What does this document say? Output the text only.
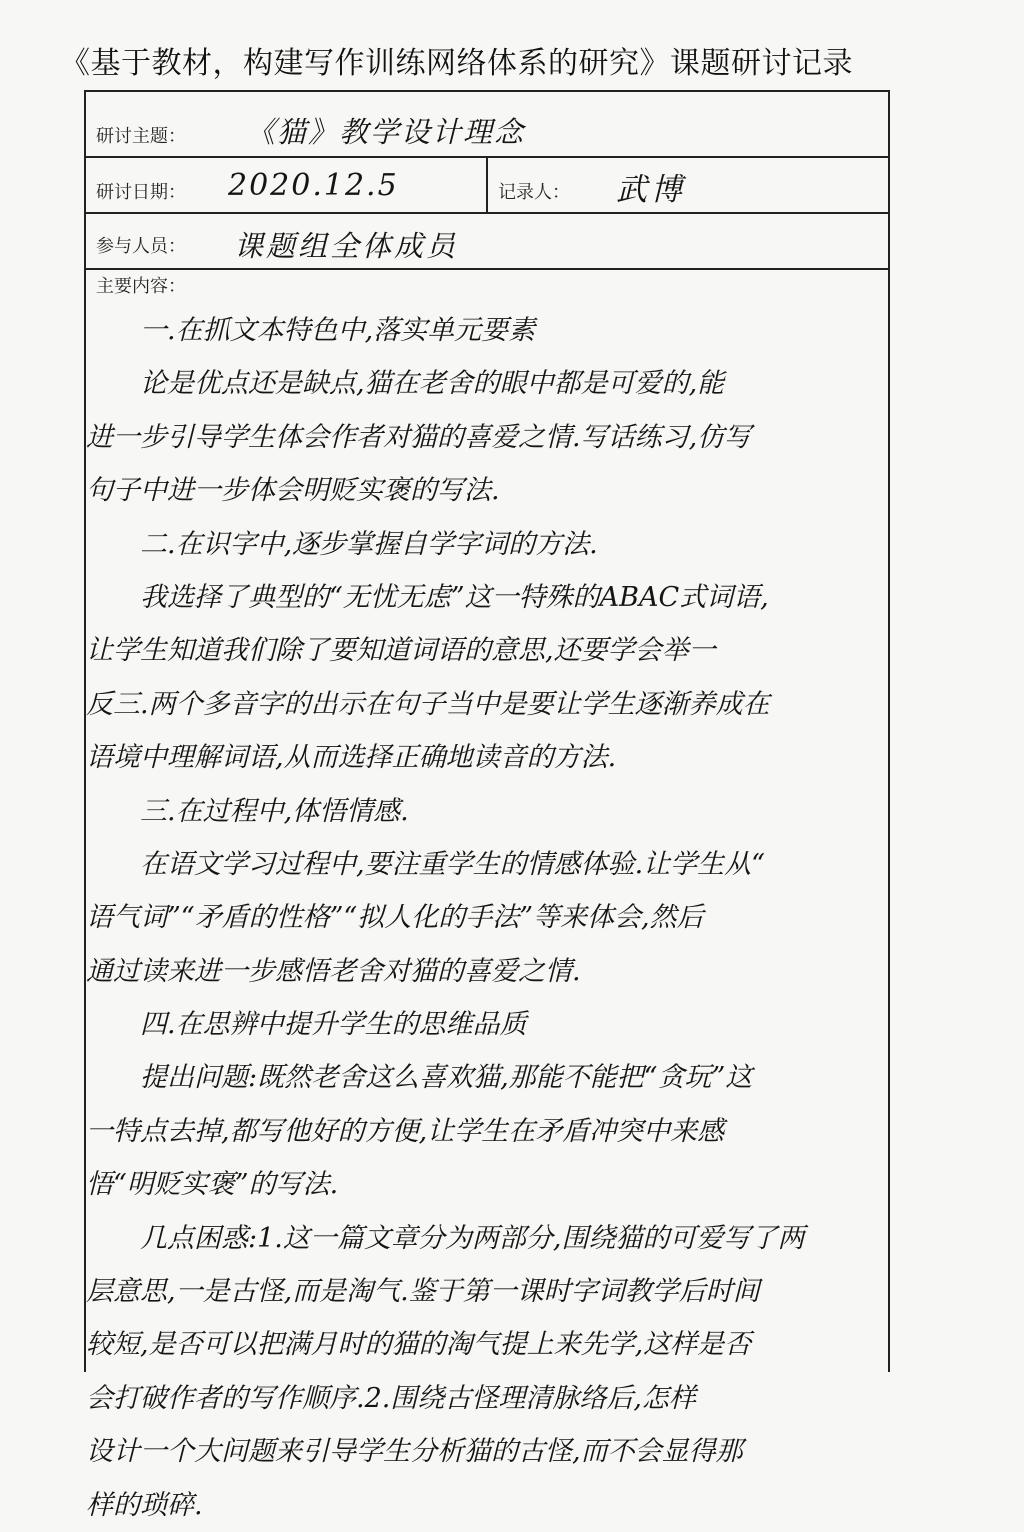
《基于教材，构建写作训练网络体系的研究》课题研讨记录
研讨主题： 《猫》教学设计理念
研讨日期： 2020.12.5	记录人： 武博
参与人员： 课题组全体成员
主要内容：
　　一.在抓文本特色中,落实单元要素
　　论是优点还是缺点,猫在老舍的眼中都是可爱的,能
进一步引导学生体会作者对猫的喜爱之情.写话练习,仿写
句子中进一步体会明贬实褒的写法.
　　二.在识字中,逐步掌握自学字词的方法.
　　我选择了典型的“无忧无虑”这一特殊的ABAC式词语,
让学生知道我们除了要知道词语的意思,还要学会举一
反三.两个多音字的出示在句子当中是要让学生逐渐养成在
语境中理解词语,从而选择正确地读音的方法.
　　三.在过程中,体悟情感.
　　在语文学习过程中,要注重学生的情感体验.让学生从“
语气词”“矛盾的性格”“拟人化的手法”等来体会,然后
通过读来进一步感悟老舍对猫的喜爱之情.
　　四.在思辨中提升学生的思维品质
　　提出问题:既然老舍这么喜欢猫,那能不能把“贪玩”这
一特点去掉,都写他好的方便,让学生在矛盾冲突中来感
悟“明贬实褒”的写法.
　　几点困惑:1.这一篇文章分为两部分,围绕猫的可爱写了两
层意思,一是古怪,而是淘气.鉴于第一课时字词教学后时间
较短,是否可以把满月时的猫的淘气提上来先学,这样是否
会打破作者的写作顺序.2.围绕古怪理清脉络后,怎样
设计一个大问题来引导学生分析猫的古怪,而不会显得那
样的琐碎.
